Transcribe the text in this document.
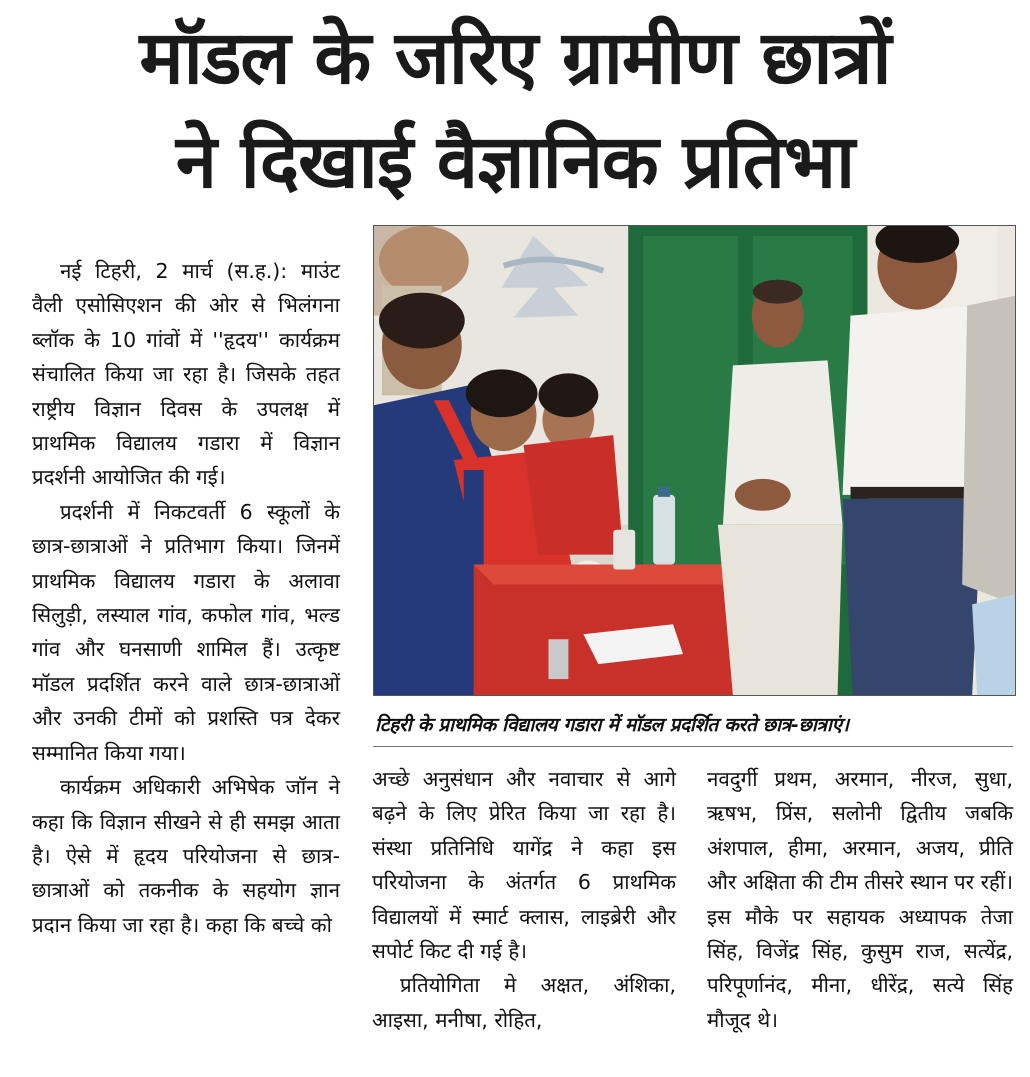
मॉडल के जरिए ग्रामीण छात्रों
ने दिखाई वैज्ञानिक प्रतिभा

नई टिहरी, 2 मार्च (स.ह.): माउंट वैली एसोसिएशन की ओर से भिलंगना ब्लॉक के 10 गांवों में ''हृदय'' कार्यक्रम संचालित किया जा रहा है। जिसके तहत राष्ट्रीय विज्ञान दिवस के उपलक्ष में प्राथमिक विद्यालय गडारा में विज्ञान प्रदर्शनी आयोजित की गई।

प्रदर्शनी में निकटवर्ती 6 स्कूलों के छात्र-छात्राओं ने प्रतिभाग किया। जिनमें प्राथमिक विद्यालय गडारा के अलावा सिलुड़ी, लस्याल गांव, कफोल गांव, भल्ड गांव और घनसाणी शामिल हैं। उत्कृष्ट मॉडल प्रदर्शित करने वाले छात्र-छात्राओं और उनकी टीमों को प्रशस्ति पत्र देकर सम्मानित किया गया।

कार्यक्रम अधिकारी अभिषेक जॉन ने कहा कि विज्ञान सीखने से ही समझ आता है। ऐसे में हृदय परियोजना से छात्र-छात्राओं को तकनीक के सहयोग ज्ञान प्रदान किया जा रहा है। कहा कि बच्चे को

टिहरी के प्राथमिक विद्यालय गडारा में मॉडल प्रदर्शित करते छात्र-छात्राएं।

अच्छे अनुसंधान और नवाचार से आगे बढ़ने के लिए प्रेरित किया जा रहा है। संस्था प्रतिनिधि यागेंद्र ने कहा इस परियोजना के अंतर्गत 6 प्राथमिक विद्यालयों में स्मार्ट क्लास, लाइब्रेरी और सपोर्ट किट दी गई है।

प्रतियोगिता मे अक्षत, अंशिका, आइसा, मनीषा, रोहित,

नवदुर्गी प्रथम, अरमान, नीरज, सुधा, ऋषभ, प्रिंस, सलोनी द्वितीय जबकि अंशपाल, हीमा, अरमान, अजय, प्रीति और अक्षिता की टीम तीसरे स्थान पर रहीं। इस मौके पर सहायक अध्यापक तेजा सिंह, विजेंद्र सिंह, कुसुम राज, सत्येंद्र, परिपूर्णानंद, मीना, धीरेंद्र, सत्ये सिंह मौजूद थे।
